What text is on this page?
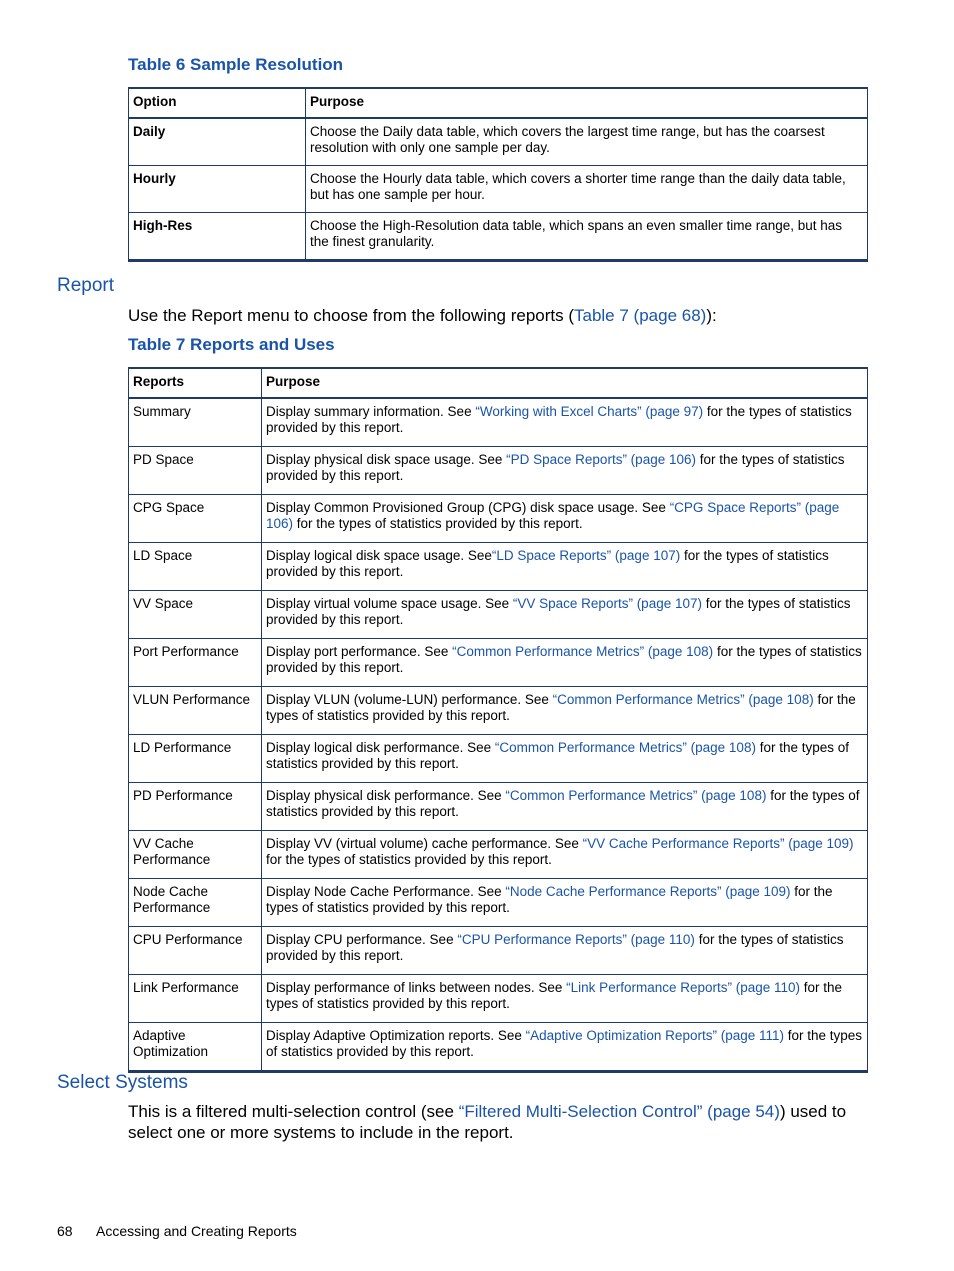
Table 6 Sample Resolution
Option	Purpose
Daily	Choose the Daily data table, which covers the largest time range, but has the coarsest resolution with only one sample per day.
Hourly	Choose the Hourly data table, which covers a shorter time range than the daily data table, but has one sample per hour.
High-Res	Choose the High-Resolution data table, which spans an even smaller time range, but has the finest granularity.
Report

Use the Report menu to choose from the following reports (Table 7 (page 68)):

Table 7 Reports and Uses
Reports	Purpose
Summary	Display summary information. See “Working with Excel Charts” (page 97) for the types of statistics provided by this report.
PD Space	Display physical disk space usage. See “PD Space Reports” (page 106) for the types of statistics provided by this report.
CPG Space	Display Common Provisioned Group (CPG) disk space usage. See “CPG Space Reports” (page 106) for the types of statistics provided by this report.
LD Space	Display logical disk space usage. See“LD Space Reports” (page 107) for the types of statistics provided by this report.
VV Space	Display virtual volume space usage. See “VV Space Reports” (page 107) for the types of statistics provided by this report.
Port Performance	Display port performance. See “Common Performance Metrics” (page 108) for the types of statistics provided by this report.
VLUN Performance	Display VLUN (volume-LUN) performance. See “Common Performance Metrics” (page 108) for the types of statistics provided by this report.
LD Performance	Display logical disk performance. See “Common Performance Metrics” (page 108) for the types of statistics provided by this report.
PD Performance	Display physical disk performance. See “Common Performance Metrics” (page 108) for the types of statistics provided by this report.
VV Cache Performance	Display VV (virtual volume) cache performance. See “VV Cache Performance Reports” (page 109) for the types of statistics provided by this report.
Node Cache Performance	Display Node Cache Performance. See “Node Cache Performance Reports” (page 109) for the types of statistics provided by this report.
CPU Performance	Display CPU performance. See “CPU Performance Reports” (page 110) for the types of statistics provided by this report.
Link Performance	Display performance of links between nodes. See “Link Performance Reports” (page 110) for the types of statistics provided by this report.
Adaptive Optimization	Display Adaptive Optimization reports. See “Adaptive Optimization Reports” (page 111) for the types of statistics provided by this report.
Select Systems

This is a filtered multi-selection control (see “Filtered Multi-Selection Control” (page 54)) used to select one or more systems to include in the report.

68 Accessing and Creating Reports
